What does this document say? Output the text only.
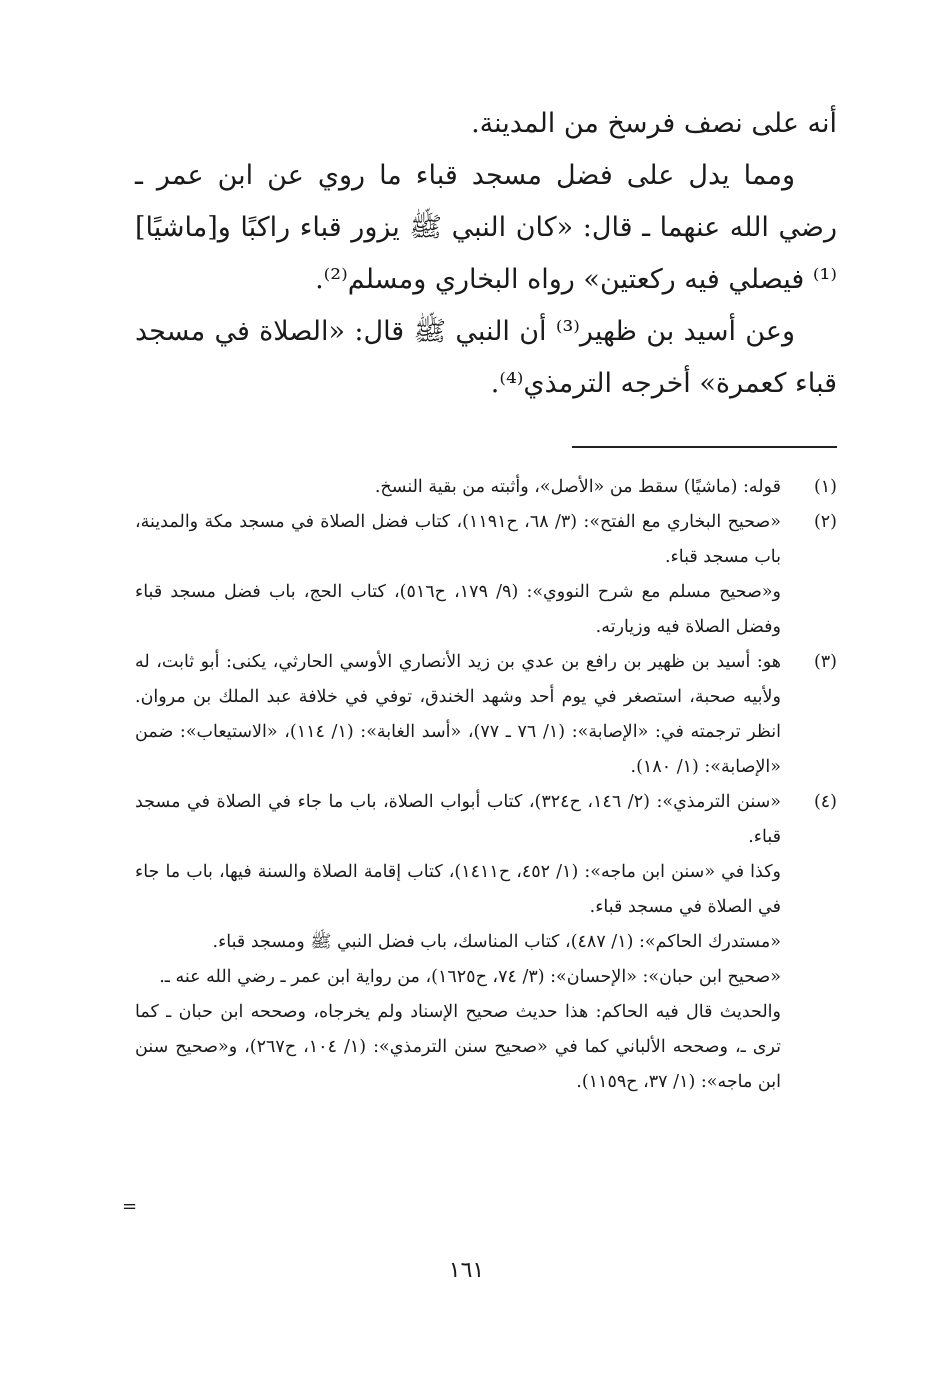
أنه على نصف فرسخ من المدينة.

ومما يدل على فضل مسجد قباء ما روي عن ابن عمر ـ رضي الله عنهما ـ قال: «كان النبي ﷺ يزور قباء راكبًا و[ماشيًا]⁽¹⁾ فيصلي فيه ركعتين» رواه البخاري ومسلم⁽²⁾.

وعن أسيد بن ظهير⁽³⁾ أن النبي ﷺ قال: «الصلاة في مسجد قباء كعمرة» أخرجه الترمذي⁽⁴⁾.

(١)

قوله: (ماشيًا) سقط من «الأصل»، وأثبته من بقية النسخ.

(٢)

«صحيح البخاري مع الفتح»: (٣/ ٦٨، ح١١٩١)، كتاب فضل الصلاة في مسجد مكة والمدينة، باب مسجد قباء.

و«صحيح مسلم مع شرح النووي»: (٩/ ١٧٩، ح٥١٦)، كتاب الحج، باب فضل مسجد قباء وفضل الصلاة فيه وزيارته.

(٣)

هو: أسيد بن ظهير بن رافع بن عدي بن زيد الأنصاري الأوسي الحارثي، يكنى: أبو ثابت، له ولأبيه صحبة، استصغر في يوم أحد وشهد الخندق، توفي في خلافة عبد الملك بن مروان. انظر ترجمته في: «الإصابة»: (١/ ٧٦ ـ ٧٧)، «أسد الغابة»: (١/ ١١٤)، «الاستيعاب»: ضمن «الإصابة»: (١/ ١٨٠).

(٤)

«سنن الترمذي»: (٢/ ١٤٦، ح٣٢٤)، كتاب أبواب الصلاة، باب ما جاء في الصلاة في مسجد قباء.

وكذا في «سنن ابن ماجه»: (١/ ٤٥٢، ح١٤١١)، كتاب إقامة الصلاة والسنة فيها، باب ما جاء في الصلاة في مسجد قباء.

«مستدرك الحاكم»: (١/ ٤٨٧)، كتاب المناسك، باب فضل النبي ﷺ ومسجد قباء.

«صحيح ابن حبان»: «الإحسان»: (٣/ ٧٤، ح١٦٢٥)، من رواية ابن عمر ـ رضي الله عنه ـ.

والحديث قال فيه الحاكم: هذا حديث صحيح الإسناد ولم يخرجاه، وصححه ابن حبان ـ كما ترى ـ، وصححه الألباني كما في «صحيح سنن الترمذي»: (١/ ١٠٤، ح٢٦٧)، و«صحيح سنن ابن ماجه»: (١/ ٣٧، ح١١٥٩).

=
١٦١
